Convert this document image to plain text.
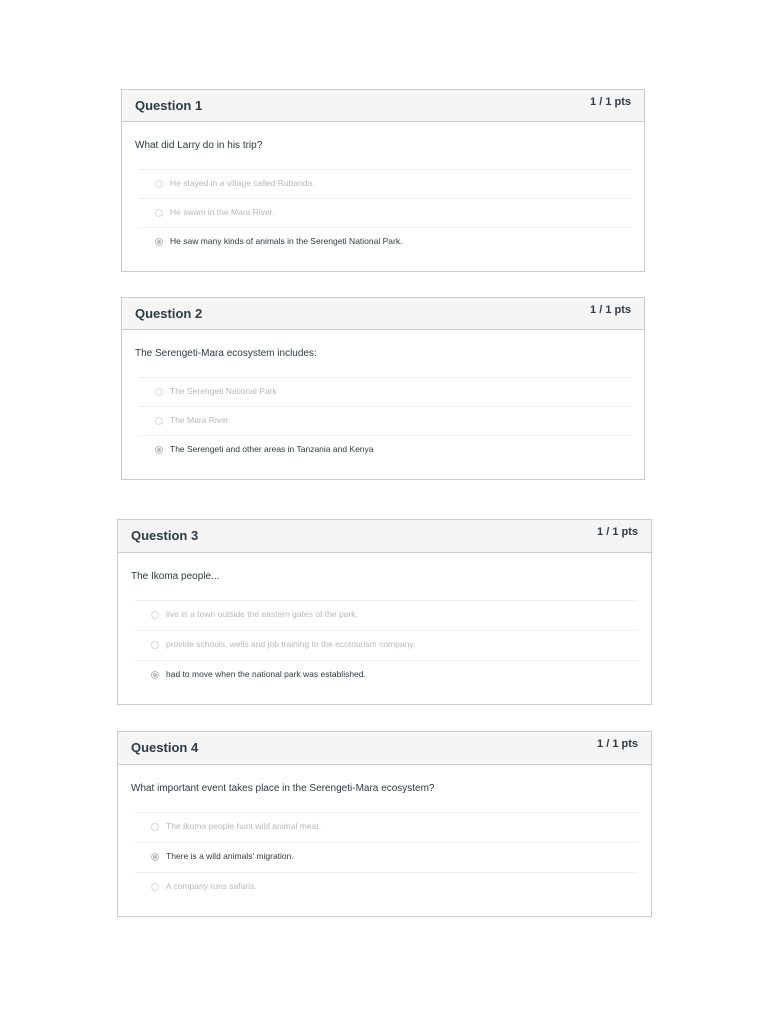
Question 1	1 / 1 pts
What did Larry do in his trip?
He stayed in a village called Rubanda.
He swam in the Mara River.
He saw many kinds of animals in the Serengeti National Park.
Question 2	1 / 1 pts
The Serengeti-Mara ecosystem includes:
The Serengeti National Park
The Mara River
The Serengeti and other areas in Tanzania and Kenya
Question 3	1 / 1 pts
The Ikoma people...
live in a town outside the eastern gates of the park.
provide schools, wells and job training to the ecotourism company.
had to move when the national park was established.
Question 4	1 / 1 pts
What important event takes place in the Serengeti-Mara ecosystem?
The Ikoma people hunt wild animal meat.
There is a wild animals' migration.
A company runs safaris.
